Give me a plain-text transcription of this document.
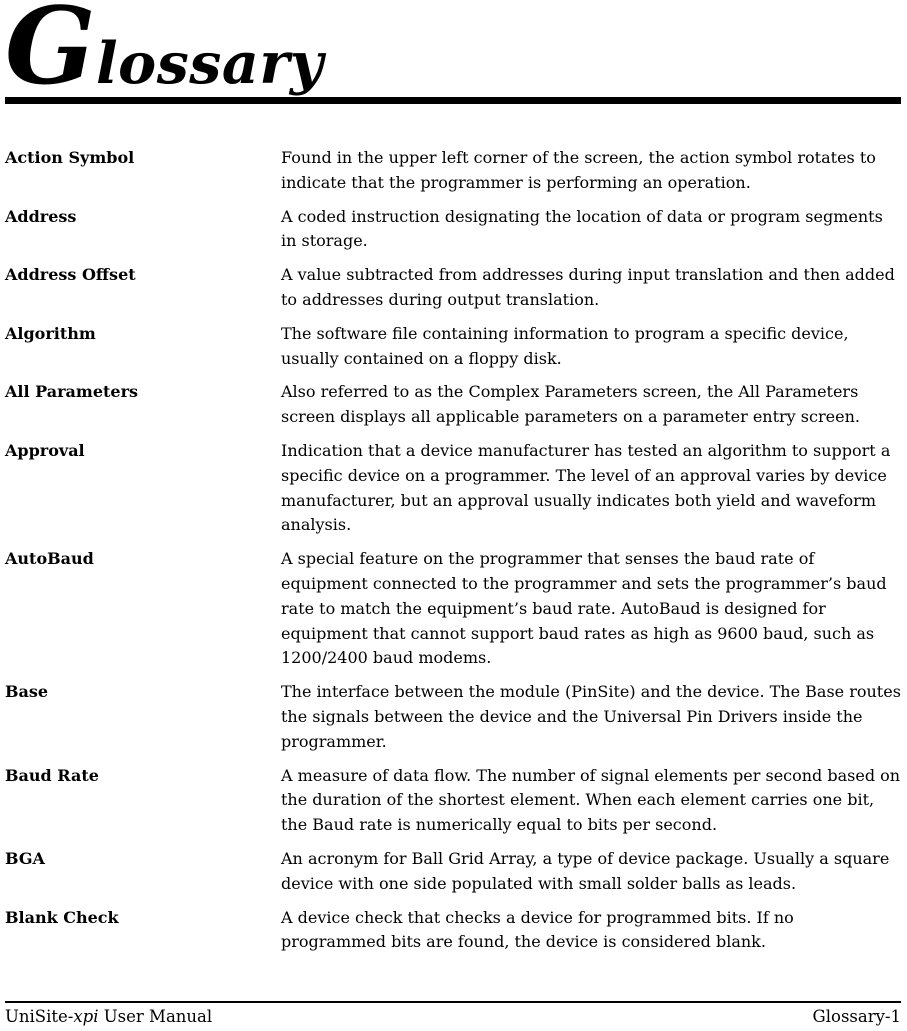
Glossary
Action Symbol	Found in the upper left corner of the screen, the action symbol rotates to indicate that the programmer is performing an operation.
Address	A coded instruction designating the location of data or program segments in storage.
Address Offset	A value subtracted from addresses during input translation and then added to addresses during output translation.
Algorithm	The software file containing information to program a specific device, usually contained on a floppy disk.
All Parameters	Also referred to as the Complex Parameters screen, the All Parameters screen displays all applicable parameters on a parameter entry screen.
Approval	Indication that a device manufacturer has tested an algorithm to support a specific device on a programmer. The level of an approval varies by device manufacturer, but an approval usually indicates both yield and waveform analysis.
AutoBaud	A special feature on the programmer that senses the baud rate of equipment connected to the programmer and sets the programmer’s baud rate to match the equipment’s baud rate. AutoBaud is designed for equipment that cannot support baud rates as high as 9600 baud, such as 1200/2400 baud modems.
Base	The interface between the module (PinSite) and the device. The Base routes the signals between the device and the Universal Pin Drivers inside the programmer.
Baud Rate	A measure of data flow. The number of signal elements per second based on the duration of the shortest element. When each element carries one bit, the Baud rate is numerically equal to bits per second.
BGA	An acronym for Ball Grid Array, a type of device package. Usually a square device with one side populated with small solder balls as leads.
Blank Check	A device check that checks a device for programmed bits. If no programmed bits are found, the device is considered blank.
UniSite-xpi User Manual	Glossary-1
